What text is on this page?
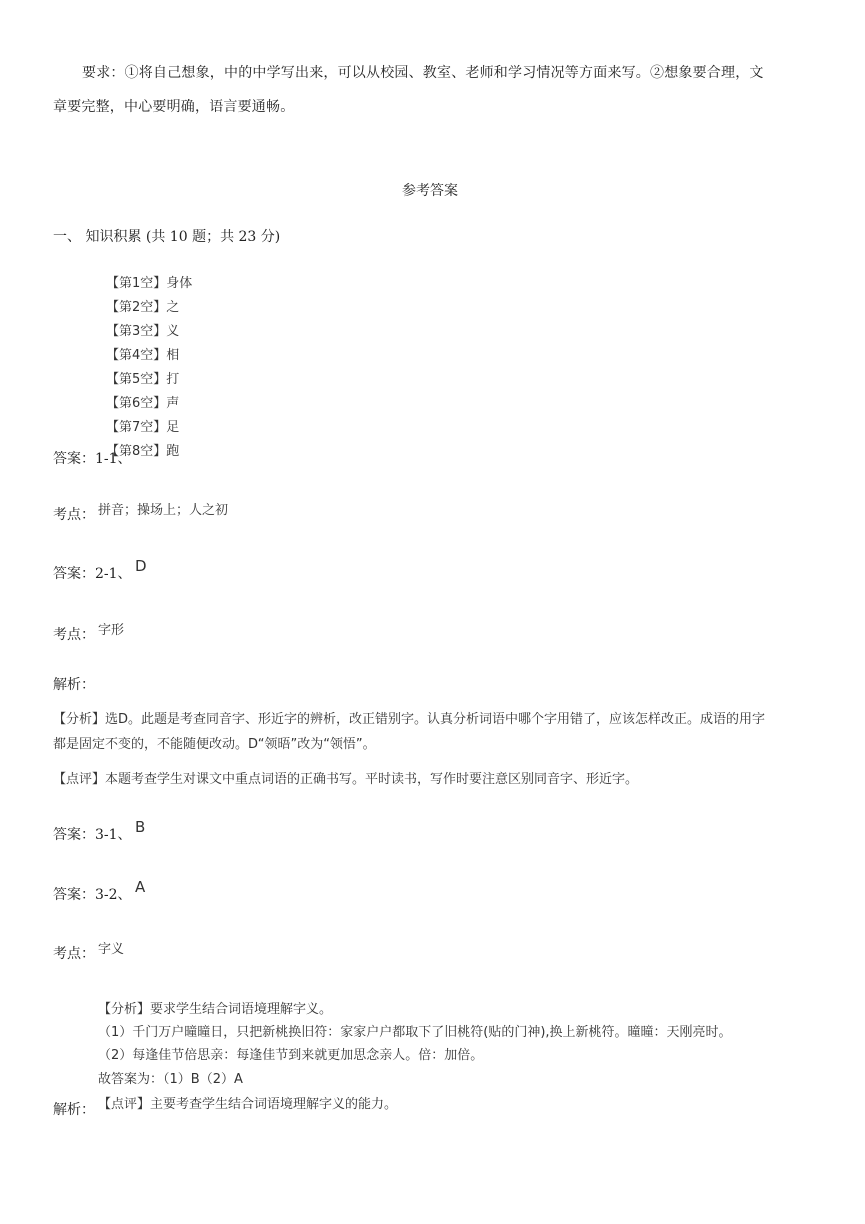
要求：①将自己想象，中的中学写出来，可以从校园、教室、老师和学习情况等方面来写。②想象要合理，文
章要完整，中心要明确，语言要通畅。
参考答案
一、 知识积累 (共 10 题；共 23 分)
【第1空】身体
【第2空】之
【第3空】义
【第4空】相
【第5空】打
【第6空】声
【第7空】足
【第8空】跑
答案：1-1、
考点： 拼音；操场上；人之初
答案：2-1、 D
考点： 字形
解析：
【分析】选D。此题是考查同音字、形近字的辨析，改正错别字。认真分析词语中哪个字用错了，应该怎样改正。成语的用字
都是固定不变的，不能随便改动。D“领晤”改为“领悟”。
【点评】本题考查学生对课文中重点词语的正确书写。平时读书，写作时要注意区别同音字、形近字。
答案：3-1、 B
答案：3-2、 A
考点： 字义
【分析】要求学生结合词语境理解字义。
（1）千门万户曈曈日，只把新桃换旧符：家家户户都取下了旧桃符(贴的门神),换上新桃符。曈曈：天刚亮时。
（2）每逢佳节倍思亲：每逢佳节到来就更加思念亲人。倍：加倍。
故答案为：（1）B（2）A
解析： 【点评】主要考查学生结合词语境理解字义的能力。
